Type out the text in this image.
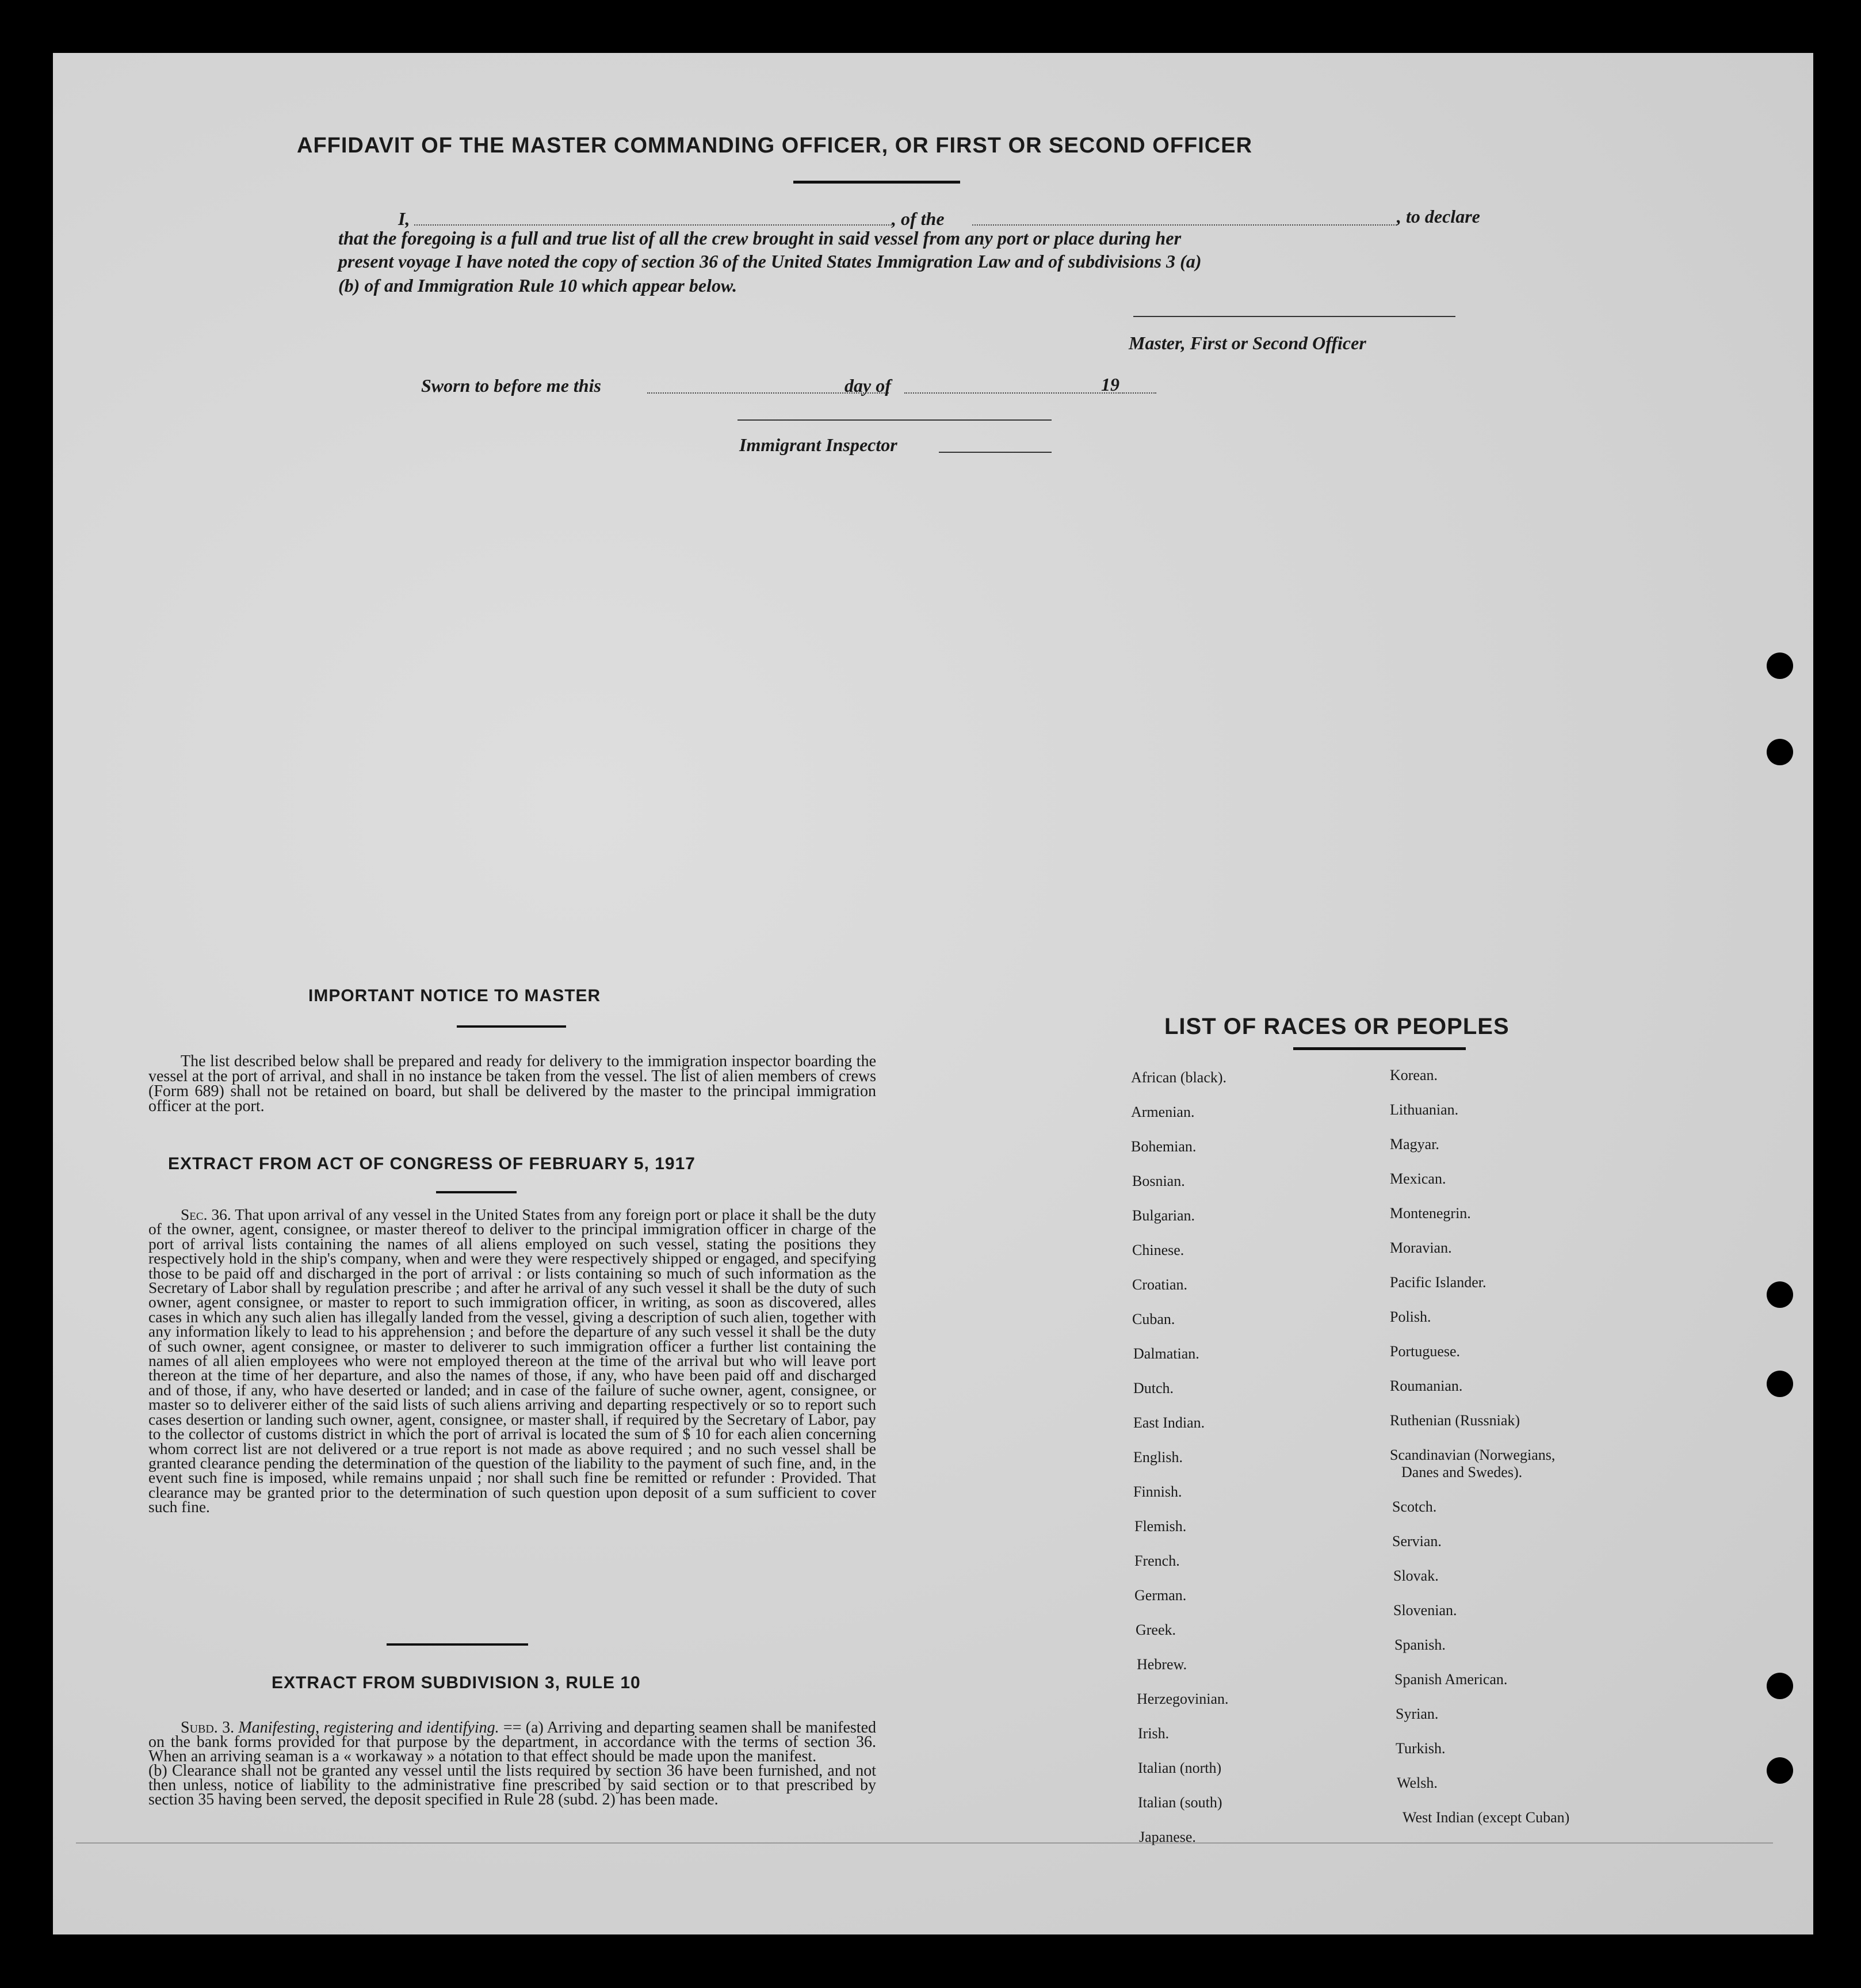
AFFIDAVIT OF THE MASTER COMMANDING OFFICER, OR FIRST OR SECOND OFFICER
I,	, of the	, to declare
that the foregoing is a full and true list of all the crew brought in said vessel from any port or place during her
present voyage I have noted the copy of section 36 of the United States Immigration Law and of subdivisions 3 (a)
(b) of and Immigration Rule 10 which appear below.
Master, First or Second Officer
Sworn to before me this	day of	19
Immigrant Inspector
IMPORTANT NOTICE TO MASTER
The list described below shall be prepared and ready for delivery to the immigration inspector boarding the vessel at the port of arrival, and shall in no instance be taken from the vessel. The list of alien members of crews (Form 689) shall not be retained on board, but shall be delivered by the master to the principal immigration officer at the port.
EXTRACT FROM ACT OF CONGRESS OF FEBRUARY 5, 1917

Sec. 36. That upon arrival of any vessel in the United States from any foreign port or place it shall be the duty of the owner, agent, consignee, or master thereof to deliver to the principal immigration officer in charge of the port of arrival lists containing the names of all aliens employed on such vessel, stating the positions they respectively hold in the ship's company, when and were they were respectively shipped or engaged, and specifying those to be paid off and discharged in the port of arrival : or lists containing so much of such information as the Secretary of Labor shall by regulation prescribe ; and after he arrival of any such vessel it shall be the duty of such owner, agent consignee, or master to report to such immigration officer, in writing, as soon as discovered, alles cases in which any such alien has illegally landed from the vessel, giving a description of such alien, together with any information likely to lead to his apprehension ; and before the departure of any such vessel it shall be the duty of such owner, agent consignee, or master to deliverer to such immigration officer a further list containing the names of all alien employees who were not employed thereon at the time of the arrival but who will leave port thereon at the time of her departure, and also the names of those, if any, who have been paid off and discharged and of those, if any, who have deserted or landed; and in case of the failure of suche owner, agent, consignee, or master so to deliverer either of the said lists of such aliens arriving and departing respectively or so to report such cases desertion or landing such owner, agent, consignee, or master shall, if required by the Secretary of Labor, pay to the collector of customs district in which the port of arrival is located the sum of $ 10 for each alien concerning whom correct list are not delivered or a true report is not made as above required ; and no such vessel shall be granted clearance pending the determination of the question of the liability to the payment of such fine, and, in the event such fine is imposed, while remains unpaid ; nor shall such fine be remitted or refunder : Provided. That clearance may be granted prior to the determination of such question upon deposit of a sum sufficient to cover such fine.

EXTRACT FROM SUBDIVISION 3, RULE 10

Subd. 3. Manifesting, registering and identifying. == (a) Arriving and departing seamen shall be manifested on the bank forms provided for that purpose by the department, in accordance with the terms of section 36. When an arriving seaman is a « workaway » a notation to that effect should be made upon the manifest.

(b) Clearance shall not be granted any vessel until the lists required by section 36 have been furnished, and not then unless, notice of liability to the administrative fine prescribed by said section or to that prescribed by section 35 having been served, the deposit specified in Rule 28 (subd. 2) has been made.

LIST OF RACES OR PEOPLES
African (black).
Armenian.
Bohemian.
Bosnian.
Bulgarian.
Chinese.
Croatian.
Cuban.
Dalmatian.
Dutch.
East Indian.
English.
Finnish.
Flemish.
French.
German.
Greek.
Hebrew.
Herzegovinian.
Irish.
Italian (north)
Italian (south)
Japanese.
Korean.
Lithuanian.
Magyar.
Mexican.
Montenegrin.
Moravian.
Pacific Islander.
Polish.
Portuguese.
Roumanian.
Ruthenian (Russniak)
Scandinavian (Norwegians,
Danes and Swedes).
Scotch.
Servian.
Slovak.
Slovenian.
Spanish.
Spanish American.
Syrian.
Turkish.
Welsh.
West Indian (except Cuban)
